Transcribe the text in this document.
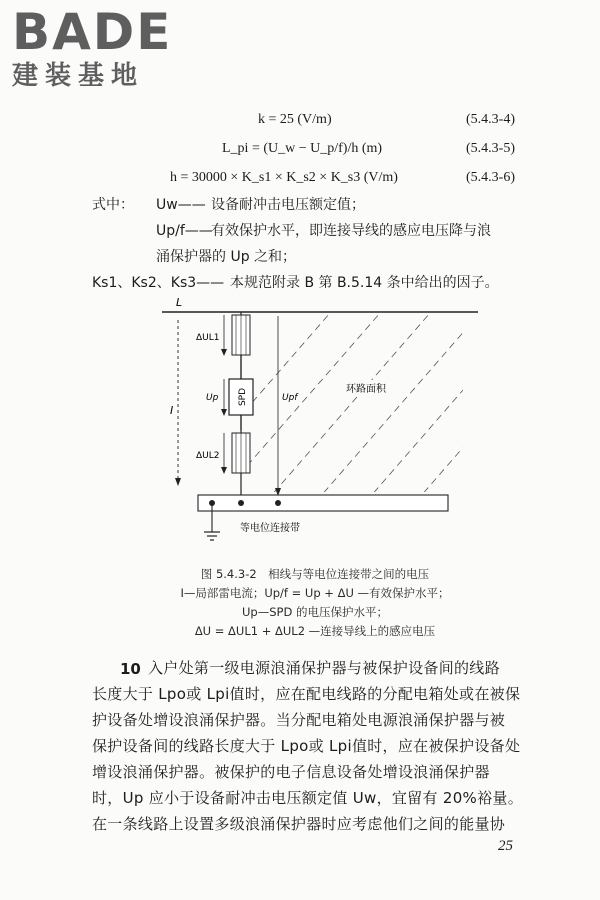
BADE
建装基地
k = 25 (V/m)	(5.4.3-4)
L_pi = (U_w − U_p/f)/h (m)	(5.4.3-5)
h = 30000 × K_s1 × K_s2 × K_s3 (V/m)	(5.4.3-6)
式中： Uw—— 设备耐冲击电压额定值；
Up/f——
有效保护水平，即连接导线的感应电压降与浪
涌保护器的 Up 之和；
Ks1、Ks2、Ks3—— 本规范附录 B 第 B.5.14 条中给出的因子。
L
SPD
ΔUL1
Up
ΔUL2
I
Upf
环路面积
等电位连接带
图 5.4.3-2　相线与等电位连接带之间的电压
I—局部雷电流；Up/f = Up + ΔU —有效保护水平；
Up—SPD 的电压保护水平；
ΔU = ΔUL1 + ΔUL2 —连接导线上的感应电压
10 入户处第一级电源浪涌保护器与被保护设备间的线路
长度大于 Lpo或 Lpi值时，应在配电线路的分配电箱处或在被保
护设备处增设浪涌保护器。当分配电箱处电源浪涌保护器与被
保护设备间的线路长度大于 Lpo或 Lpi值时，应在被保护设备处
增设浪涌保护器。被保护的电子信息设备处增设浪涌保护器
时，Up 应小于设备耐冲击电压额定值 Uw，宜留有 20%裕量。
在一条线路上设置多级浪涌保护器时应考虑他们之间的能量协
25
